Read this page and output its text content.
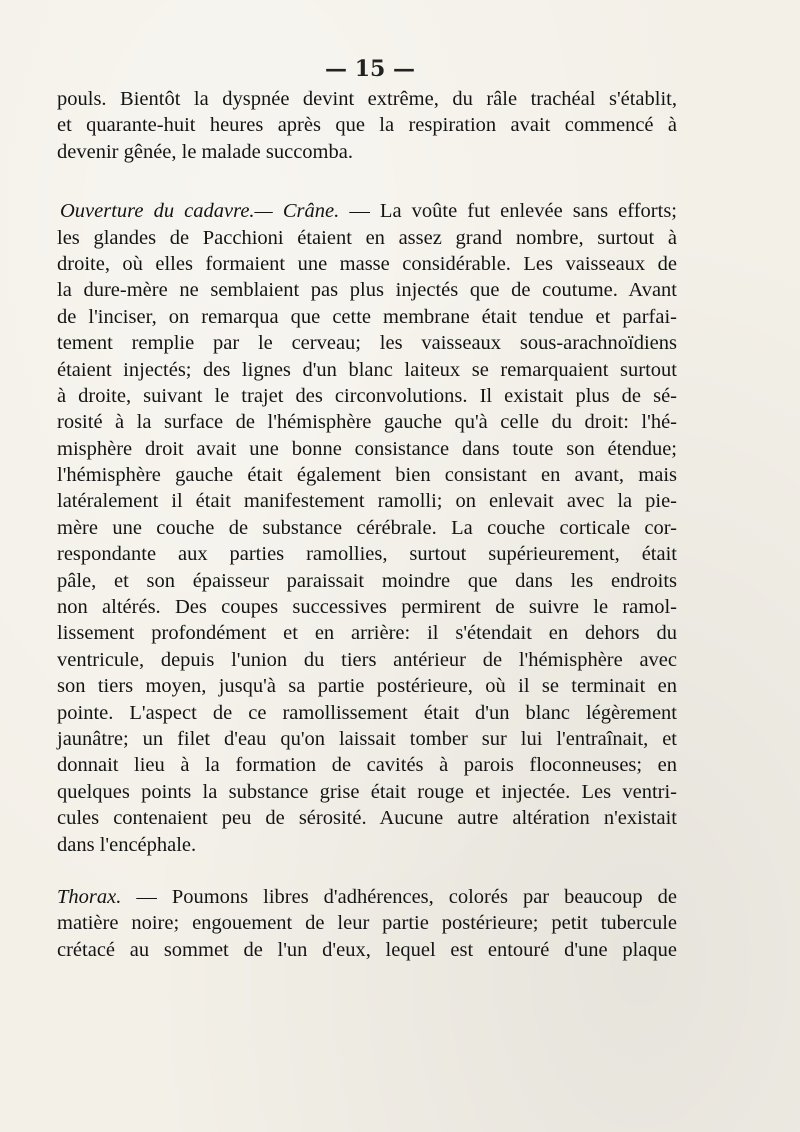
— 15 —
pouls. Bientôt la dyspnée devint extrême, du râle trachéal s'établit,
et quarante-huit heures après que la respiration avait commencé à
devenir gênée, le malade succomba.
Ouverture du cadavre.— Crâne. — La voûte fut enlevée sans efforts;
les glandes de Pacchioni étaient en assez grand nombre, surtout à
droite, où elles formaient une masse considérable. Les vaisseaux de
la dure-mère ne semblaient pas plus injectés que de coutume. Avant
de l'inciser, on remarqua que cette membrane était tendue et parfai-
tement remplie par le cerveau; les vaisseaux sous-arachnoïdiens
étaient injectés; des lignes d'un blanc laiteux se remarquaient surtout
à droite, suivant le trajet des circonvolutions. Il existait plus de sé-
rosité à la surface de l'hémisphère gauche qu'à celle du droit: l'hé-
misphère droit avait une bonne consistance dans toute son étendue;
l'hémisphère gauche était également bien consistant en avant, mais
latéralement il était manifestement ramolli; on enlevait avec la pie-
mère une couche de substance cérébrale. La couche corticale cor-
respondante aux parties ramollies, surtout supérieurement, était
pâle, et son épaisseur paraissait moindre que dans les endroits
non altérés. Des coupes successives permirent de suivre le ramol-
lissement profondément et en arrière: il s'étendait en dehors du
ventricule, depuis l'union du tiers antérieur de l'hémisphère avec
son tiers moyen, jusqu'à sa partie postérieure, où il se terminait en
pointe. L'aspect de ce ramollissement était d'un blanc légèrement
jaunâtre; un filet d'eau qu'on laissait tomber sur lui l'entraînait, et
donnait lieu à la formation de cavités à parois floconneuses; en
quelques points la substance grise était rouge et injectée. Les ventri-
cules contenaient peu de sérosité. Aucune autre altération n'existait
dans l'encéphale.
Thorax. — Poumons libres d'adhérences, colorés par beaucoup de
matière noire; engouement de leur partie postérieure; petit tubercule
crétacé au sommet de l'un d'eux, lequel est entouré d'une plaque
